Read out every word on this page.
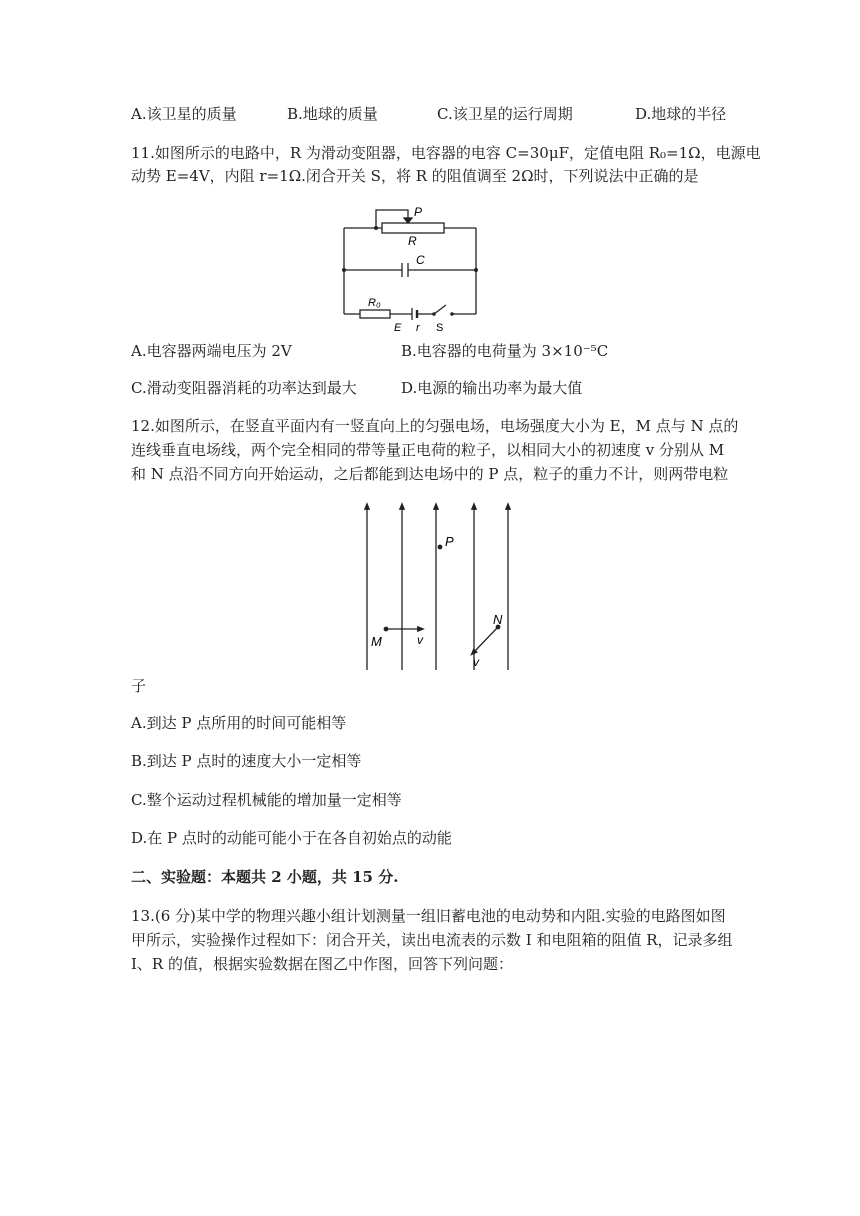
A.该卫星的质量	B.地球的质量	C.该卫星的运行周期	D.地球的半径
11.如图所示的电路中，R 为滑动变阻器，电容器的电容 C=30μF，定值电阻 R₀=1Ω，电源电
动势 E=4V，内阻 r=1Ω.闭合开关 S，将 R 的阻值调至 2Ω时，下列说法中正确的是
P
R
C
R₀
E r S
A.电容器两端电压为 2V	B.电容器的电荷量为 3×10⁻⁵C
C.滑动变阻器消耗的功率达到最大	D.电源的输出功率为最大值
12.如图所示，在竖直平面内有一竖直向上的匀强电场，电场强度大小为 E，M 点与 N 点的
连线垂直电场线，两个完全相同的带等量正电荷的粒子，以相同大小的初速度 v 分别从 M
和 N 点沿不同方向开始运动，之后都能到达电场中的 P 点，粒子的重力不计，则两带电粒
P
M	v
N
v
子
A.到达 P 点所用的时间可能相等
B.到达 P 点时的速度大小一定相等
C.整个运动过程机械能的增加量一定相等
D.在 P 点时的动能可能小于在各自初始点的动能
二、实验题：本题共 2 小题，共 15 分.
13.(6 分)某中学的物理兴趣小组计划测量一组旧蓄电池的电动势和内阻.实验的电路图如图
甲所示，实验操作过程如下：闭合开关，读出电流表的示数 I 和电阻箱的阻值 R，记录多组
I、R 的值，根据实验数据在图乙中作图，回答下列问题：
